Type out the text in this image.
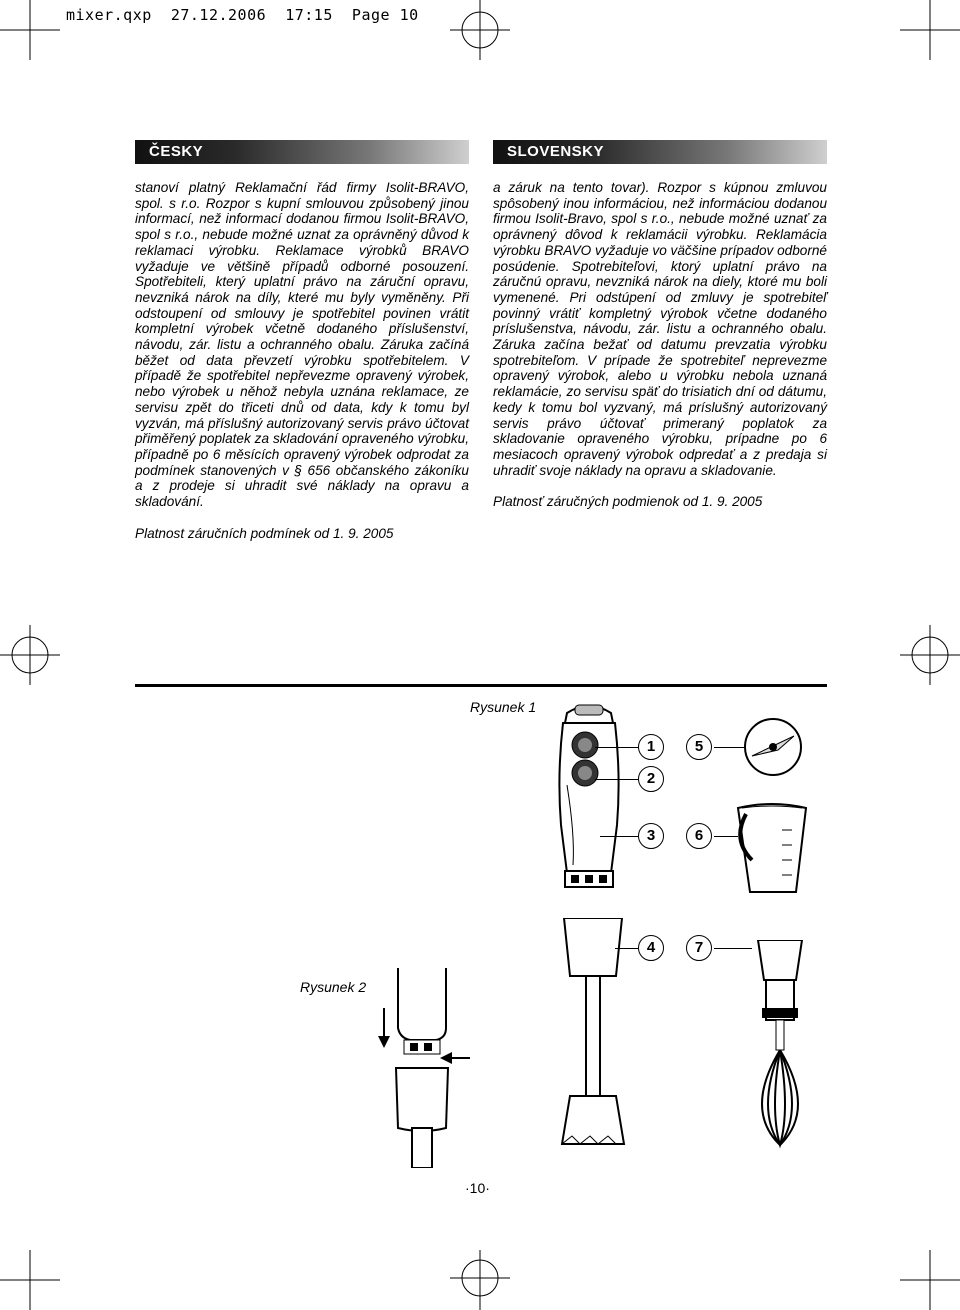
mixer.qxp  27.12.2006  17:15  Page 10
ČESKY	SLOVENSKY

stanoví platný Reklamační řád firmy Isolit-BRAVO, spol. s r.o. Rozpor s kupní smlouvou způsobený jinou informací, než informací dodanou firmou Isolit-BRAVO, spol s r.o., nebude možné uznat za oprávněný důvod k reklamaci výrobku. Reklamace výrobků BRAVO vyžaduje ve většině případů odborné posouzení. Spotřebiteli, který uplatní právo na záruční opravu, nevzniká nárok na díly, které mu byly vyměněny. Při odstoupení od smlouvy je spotřebitel povinen vrátit kompletní výrobek včetně dodaného příslušenství, návodu, zár. listu a ochranného obalu. Záruka začíná běžet od data převzetí výrobku spotřebitelem. V případě že spotřebitel nepřevezme opravený výrobek, nebo výrobek u něhož nebyla uznána reklamace, ze servisu zpět do třiceti dnů od data, kdy k tomu byl vyzván, má příslušný autorizovaný servis právo účtovat přiměřený poplatek za skladování opraveného výrobku, případně po 6 měsících opravený výrobek odprodat za podmínek stanovených v § 656 občanského zákoníku a z prodeje si uhradit své náklady na opravu a skladování.

Platnost záručních podmínek od 1. 9. 2005

a záruk na tento tovar). Rozpor s kúpnou zmluvou spôsobený inou informáciou, než informáciou dodanou firmou Isolit-Bravo, spol s r.o., nebude možné uznať za oprávnený dôvod k reklamácii výrobku. Reklamácia výrobku BRAVO vyžaduje vo väčšine prípadov odborné posúdenie. Spotrebiteľovi, ktorý uplatní právo na záručnú opravu, nevzniká nárok na diely, ktoré mu boli vymenené. Pri odstúpení od zmluvy je spotrebiteľ povinný vrátiť kompletný výrobok včetne dodaného príslušenstva, návodu, zár. listu a ochranného obalu. Záruka začína bežať od datumu prevzatia výrobku spotrebiteľom. V prípade že spotrebiteľ neprevezme opravený výrobok, alebo u výrobku nebola uznaná reklamácie, zo servisu späť do trisiatich dní od dátumu, kedy k tomu bol vyzvaný, má príslušný autorizovaný servis právo účtovať primeraný poplatok za skladovanie opraveného výrobku, prípadne po 6 mesiacoch opravený výrobok odpredať a z predaja si uhradiť svoje náklady na opravu a skladovanie.

Platnosť záručných podmienok od 1. 9. 2005

Rysunek 1
Rysunek 2
1
2
3
4
5
6
7
·10·
